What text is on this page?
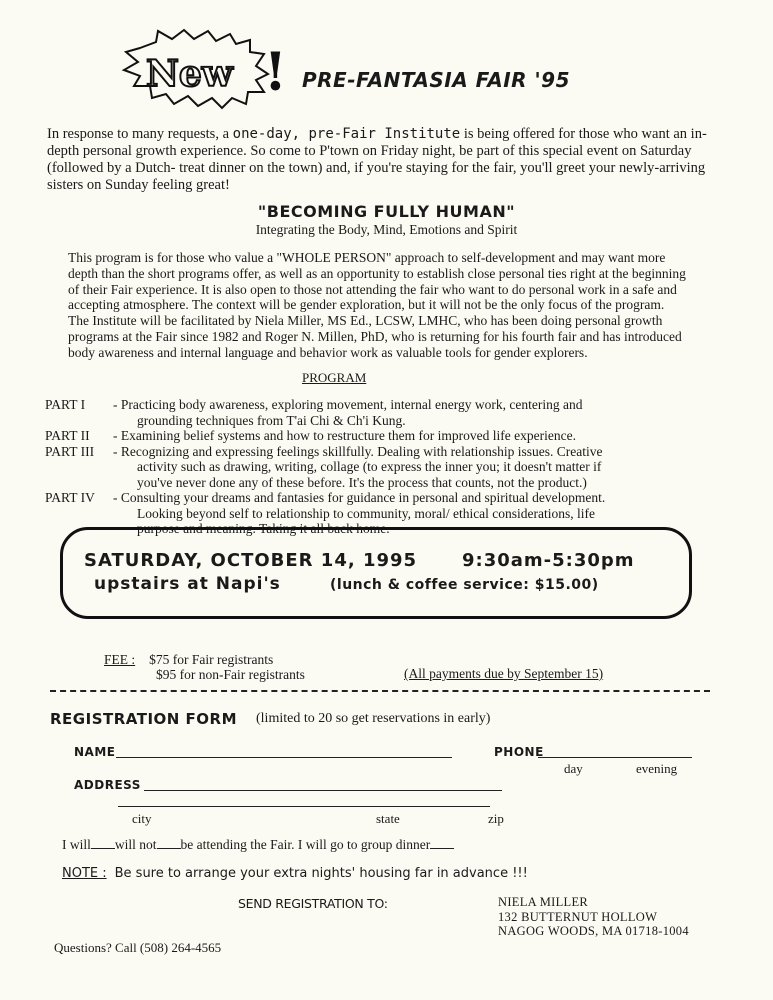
New ! PRE-FANTASIA FAIR '95
In response to many requests, a one-day, pre-Fair Institute is being offered for those who want an in-depth personal growth experience. So come to P'town on Friday night, be part of this special event on Saturday (followed by a Dutch- treat dinner on the town) and, if you're staying for the fair, you'll greet your newly-arriving sisters on Sunday feeling great!
"BECOMING FULLY HUMAN"
Integrating the Body, Mind, Emotions and Spirit
This program is for those who value a "WHOLE PERSON" approach to self-development and may want more depth than the short programs offer, as well as an opportunity to establish close personal ties right at the beginning of their Fair experience. It is also open to those not attending the fair who want to do personal work in a safe and accepting atmosphere. The context will be gender exploration, but it will not be the only focus of the program.
The Institute will be facilitated by Niela Miller, MS Ed., LCSW, LMHC, who has been doing personal growth programs at the Fair since 1982 and Roger N. Millen, PhD, who is returning for his fourth fair and has introduced body awareness and internal language and behavior work as valuable tools for gender explorers.
PROGRAM
PART I	- Practicing body awareness, exploring movement, internal energy work, centering and
grounding techniques from T'ai Chi & Ch'i Kung.
PART II	- Examining belief systems and how to restructure them for improved life experience.
PART III	- Recognizing and expressing feelings skillfully. Dealing with relationship issues. Creative
activity such as drawing, writing, collage (to express the inner you; it doesn't matter if
you've never done any of these before. It's the process that counts, not the product.)
PART IV	- Consulting your dreams and fantasies for guidance in personal and spiritual development.
Looking beyond self to relationship to community, moral/ ethical considerations, life
purpose and meaning. Taking it all back home.
SATURDAY, OCTOBER 14, 1995 9:30am-5:30pm
upstairs at Napi's	(lunch & coffee service: $15.00)
FEE : $75 for Fair registrants
$95 for non-Fair registrants	(All payments due by September 15)
REGISTRATION FORM (limited to 20 so get reservations in early)
NAME	PHONE
day	evening
ADDRESS
city	state	zip
I will will not be attending the Fair. I will go to group dinner
NOTE : Be sure to arrange your extra nights' housing far in advance !!!
SEND REGISTRATION TO:	NIELA MILLER
132 BUTTERNUT HOLLOW
NAGOG WOODS, MA 01718-1004
Questions? Call (508) 264-4565
